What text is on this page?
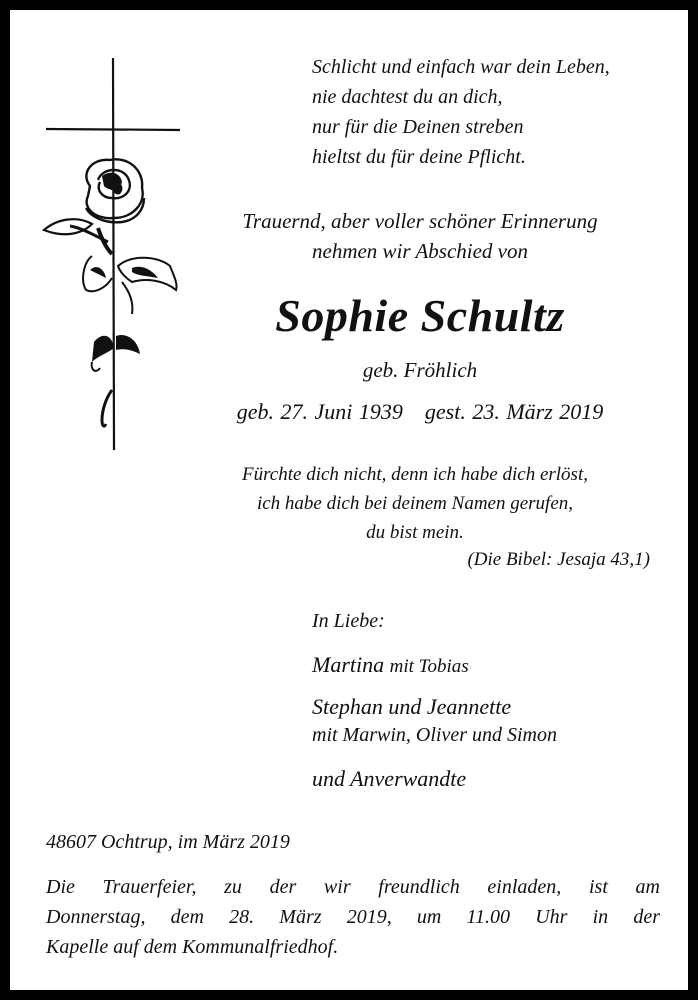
Schlicht und einfach war dein Leben,
nie dachtest du an dich,
nur für die Deinen streben
hieltst du für deine Pflicht.
Trauernd, aber voller schöner Erinnerung
nehmen wir Abschied von
Sophie Schultz
geb. Fröhlich
geb. 27. Juni 1939 gest. 23. März 2019
Fürchte dich nicht, denn ich habe dich erlöst,
ich habe dich bei deinem Namen gerufen,
du bist mein.
(Die Bibel: Jesaja 43,1)
In Liebe:
Martina mit Tobias
Stephan und Jeannette
mit Marwin, Oliver und Simon
und Anverwandte
48607 Ochtrup, im März 2019
Die Trauerfeier, zu der wir freundlich einladen, ist am
Donnerstag, dem 28. März 2019, um 11.00 Uhr in der
Kapelle auf dem Kommunalfriedhof.
